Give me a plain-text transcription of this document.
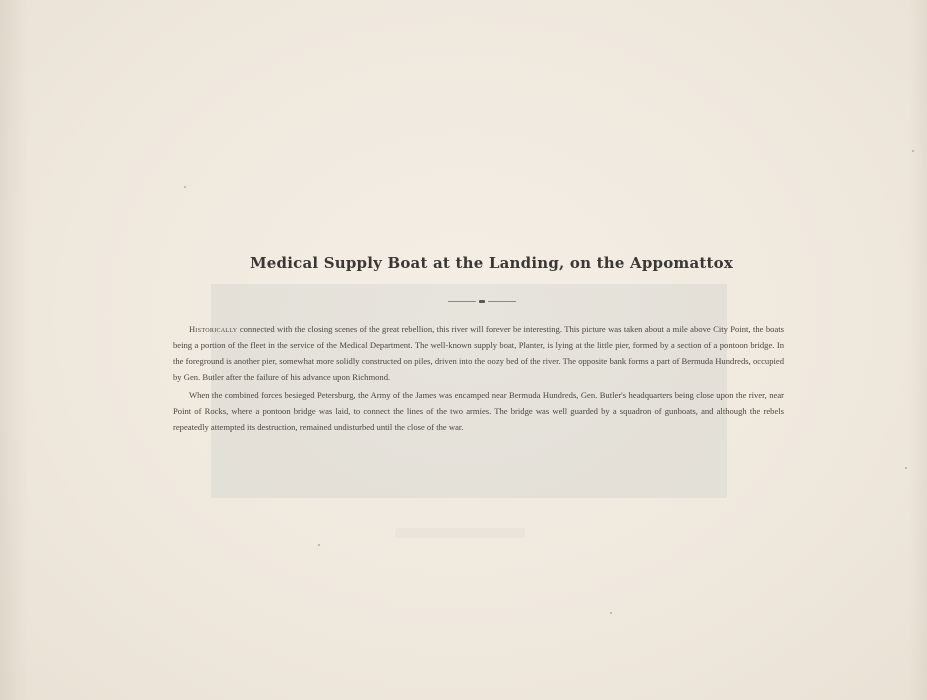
Medical Supply Boat at the Landing, on the Appomattox

Historically connected with the closing scenes of the great rebellion, this river will forever be interesting. This picture was taken about a mile above City Point, the boats being a portion of the fleet in the service of the Medical Department. The well-known supply boat, Planter, is lying at the little pier, formed by a section of a pontoon bridge. In the foreground is another pier, somewhat more solidly constructed on piles, driven into the oozy bed of the river. The opposite bank forms a part of Bermuda Hundreds, occupied by Gen. Butler after the failure of his advance upon Richmond.

When the combined forces besieged Petersburg, the Army of the James was encamped near Bermuda Hundreds, Gen. Butler's headquarters being close upon the river, near Point of Rocks, where a pontoon bridge was laid, to connect the lines of the two armies. The bridge was well guarded by a squadron of gunboats, and although the rebels repeatedly attempted its destruction, remained undisturbed until the close of the war.
